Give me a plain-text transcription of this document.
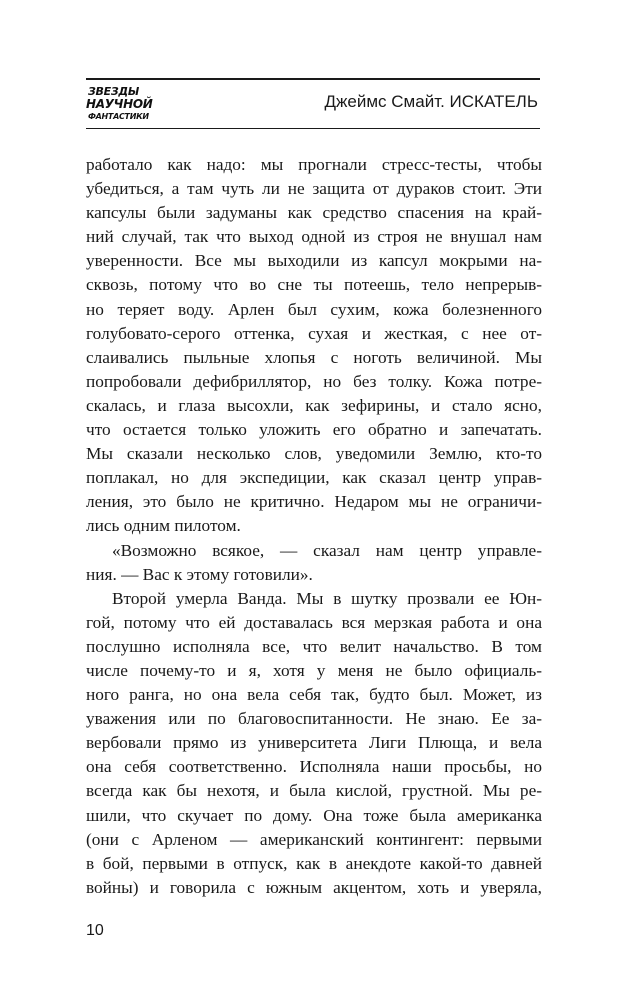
ЗВЕЗДЫ
НАУЧНОЙ
ФАНТАСТИКИ
Джеймс Смайт. ИСКАТЕЛЬ
работало как надо: мы прогнали стресс-тесты, чтобы
убедиться, а там чуть ли не защита от дураков стоит. Эти
капсулы были задуманы как средство спасения на край-
ний случай, так что выход одной из строя не внушал нам
уверенности. Все мы выходили из капсул мокрыми на-
сквозь, потому что во сне ты потеешь, тело непрерыв-
но теряет воду. Арлен был сухим, кожа болезненного
голубовато-серого оттенка, сухая и жесткая, с нее от-
слаивались пыльные хлопья с ноготь величиной. Мы
попробовали дефибриллятор, но без толку. Кожа потре-
скалась, и глаза высохли, как зефирины, и стало ясно,
что остается только уложить его обратно и запечатать.
Мы сказали несколько слов, уведомили Землю, кто-то
поплакал, но для экспедиции, как сказал центр управ-
ления, это было не критично. Недаром мы не ограничи-
лись одним пилотом.
«Возможно всякое, — сказал нам центр управле-
ния. — Вас к этому готовили».
Второй умерла Ванда. Мы в шутку прозвали ее Юн-
гой, потому что ей доставалась вся мерзкая работа и она
послушно исполняла все, что велит начальство. В том
числе почему-то и я, хотя у меня не было официаль-
ного ранга, но она вела себя так, будто был. Может, из
уважения или по благовоспитанности. Не знаю. Ее за-
вербовали прямо из университета Лиги Плюща, и вела
она себя соответственно. Исполняла наши просьбы, но
всегда как бы нехотя, и была кислой, грустной. Мы ре-
шили, что скучает по дому. Она тоже была американка
(они с Арленом — американский контингент: первыми
в бой, первыми в отпуск, как в анекдоте какой-то давней
войны) и говорила с южным акцентом, хоть и уверяла,
10
